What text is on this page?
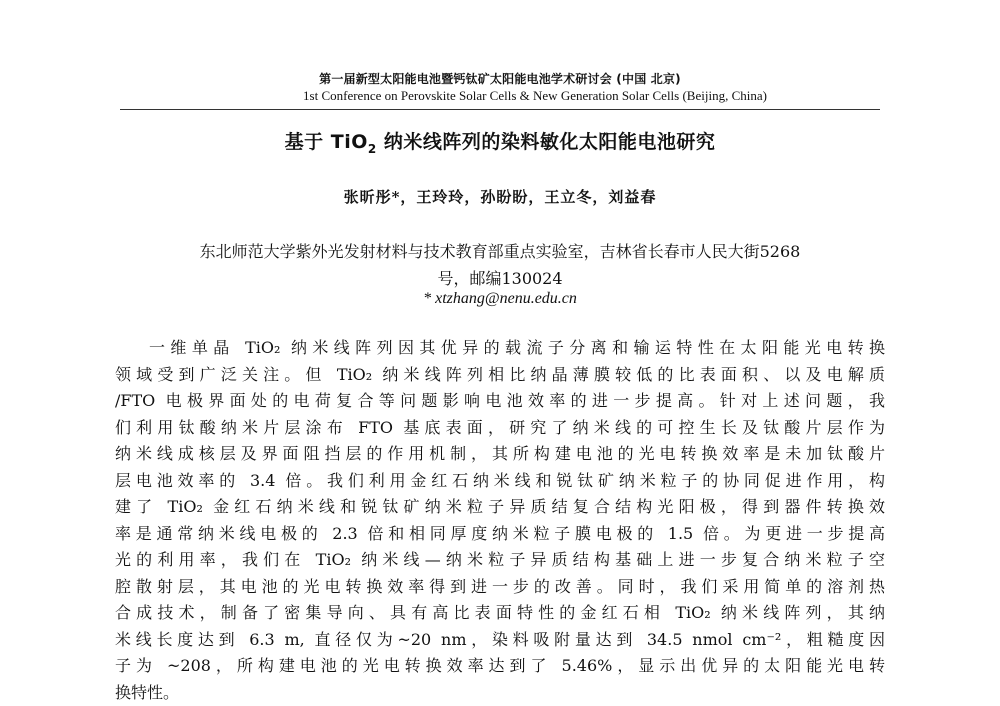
第一届新型太阳能电池暨钙钛矿太阳能电池学术研讨会 (中国 北京)
1st Conference on Perovskite Solar Cells & New Generation Solar Cells (Beijing, China)
基于 TiO$_2$ 纳米线阵列的染料敏化太阳能电池研究
张昕彤*，王玲玲，孙盼盼，王立冬，刘益春
东北师范大学紫外光发射材料与技术教育部重点实验室，吉林省长春市人民大街5268
号，邮编130024
* xtzhang@nenu.edu.cn
一维单晶 TiO₂ 纳米线阵列因其优异的载流子分离和输运特性在太阳能光电转换
领域受到广泛关注。但 TiO₂ 纳米线阵列相比纳晶薄膜较低的比表面积、以及电解质
/FTO 电极界面处的电荷复合等问题影响电池效率的进一步提高。针对上述问题，我
们利用钛酸纳米片层涂布 FTO 基底表面，研究了纳米线的可控生长及钛酸片层作为
纳米线成核层及界面阻挡层的作用机制，其所构建电池的光电转换效率是未加钛酸片
层电池效率的 3.4 倍。我们利用金红石纳米线和锐钛矿纳米粒子的协同促进作用，构
建了 TiO₂ 金红石纳米线和锐钛矿纳米粒子异质结复合结构光阳极，得到器件转换效
率是通常纳米线电极的 2.3 倍和相同厚度纳米粒子膜电极的 1.5 倍。为更进一步提高
光的利用率，我们在 TiO₂ 纳米线—纳米粒子异质结构基础上进一步复合纳米粒子空
腔散射层，其电池的光电转换效率得到进一步的改善。同时，我们采用简单的溶剂热
合成技术，制备了密集导向、具有高比表面特性的金红石相 TiO₂ 纳米线阵列，其纳
米线长度达到 6.3 m, 直径仅为~20 nm，染料吸附量达到 34.5 nmol cm⁻²，粗糙度因
子为 ~208，所构建电池的光电转换效率达到了 5.46%，显示出优异的太阳能光电转
换特性。
